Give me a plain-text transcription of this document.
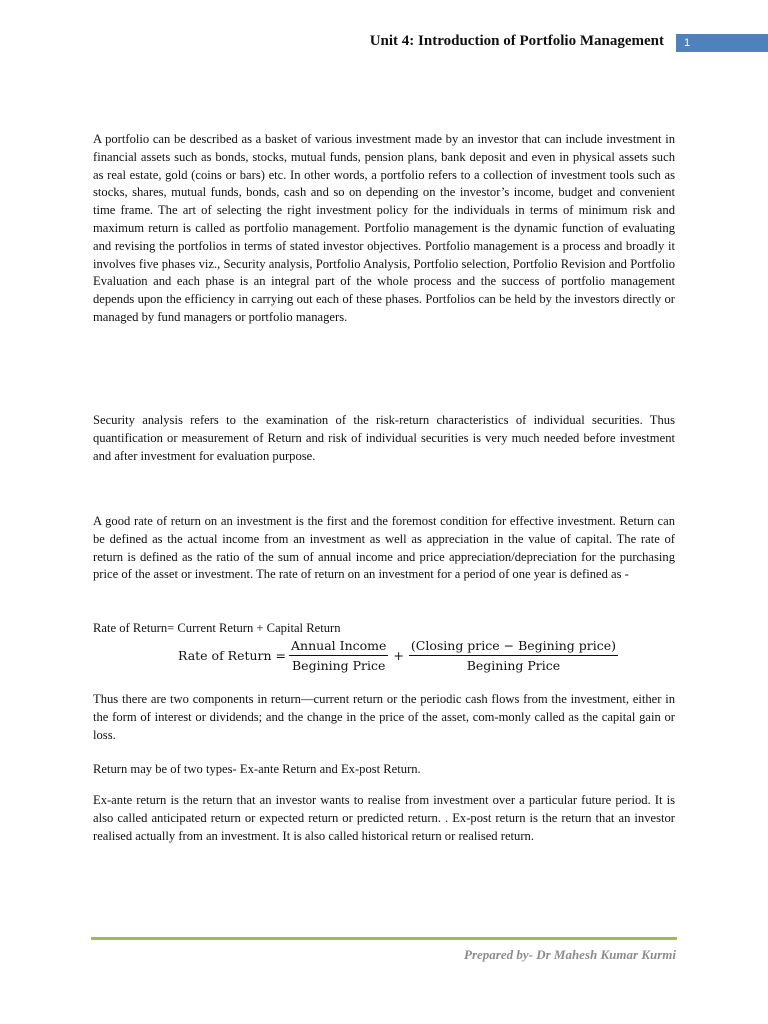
Unit 4: Introduction of Portfolio Management	1

A portfolio can be described as a basket of various investment made by an investor that can include investment in financial assets such as bonds, stocks, mutual funds, pension plans, bank deposit and even in physical assets such as real estate, gold (coins or bars) etc. In other words, a portfolio refers to a collection of investment tools such as stocks, shares, mutual funds, bonds, cash and so on depending on the investor’s income, budget and convenient time frame. The art of selecting the right investment policy for the individuals in terms of minimum risk and maximum return is called as portfolio management. Portfolio management is the dynamic function of evaluating and revising the portfolios in terms of stated investor objectives. Portfolio management is a process and broadly it involves five phases viz., Security analysis, Portfolio Analysis, Portfolio selection, Portfolio Revision and Portfolio Evaluation and each phase is an integral part of the whole process and the success of portfolio management depends upon the efficiency in carrying out each of these phases. Portfolios can be held by the investors directly or managed by fund managers or portfolio managers.

Security analysis refers to the examination of the risk-return characteristics of individual securities. Thus quantification or measurement of Return and risk of individual securities is very much needed before investment and after investment for evaluation purpose.

A good rate of return on an investment is the first and the foremost condition for effective investment. Return can be defined as the actual income from an investment as well as appreciation in the value of capital. The rate of return is defined as the ratio of the sum of annual income and price appreciation/depreciation for the purchasing price of the asset or investment. The rate of return on an investment for a period of one year is defined as -

Rate of Return= Current Return + Capital Return

Rate of Return = $\frac{\text{Annual Income}}{\text{Begining Price}} + \frac{\text{(Closing price − Begining price)}}{\text{Begining Price}}$

Thus there are two components in return—current return or the periodic cash flows from the investment, either in the form of interest or dividends; and the change in the price of the asset, com-monly called as the capital gain or loss.

Return may be of two types- Ex-ante Return and Ex-post Return.

Ex-ante return is the return that an investor wants to realise from investment over a particular future period. It is also called anticipated return or expected return or predicted return. . Ex-post return is the return that an investor realised actually from an investment. It is also called historical return or realised return.

Prepared by- Dr Mahesh Kumar Kurmi
